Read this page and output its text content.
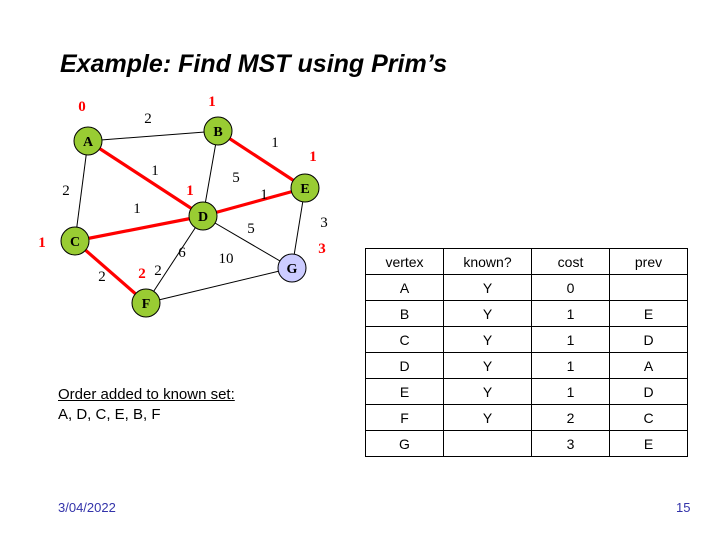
Example: Find MST using Prim’s
A
B
C
D
E
F
G
2
2
1	5
1
1
2
1
6
5	3
10
2
0	1
1
1
1
2
3
Order added to known set:
A, D, C, E, B, F
vertex	known?	cost	prev
A	Y	0	
B	Y	1	E
C	Y	1	D
D	Y	1	A
E	Y	1	D
F	Y	2	C
G		3	E
3/04/2022	15
